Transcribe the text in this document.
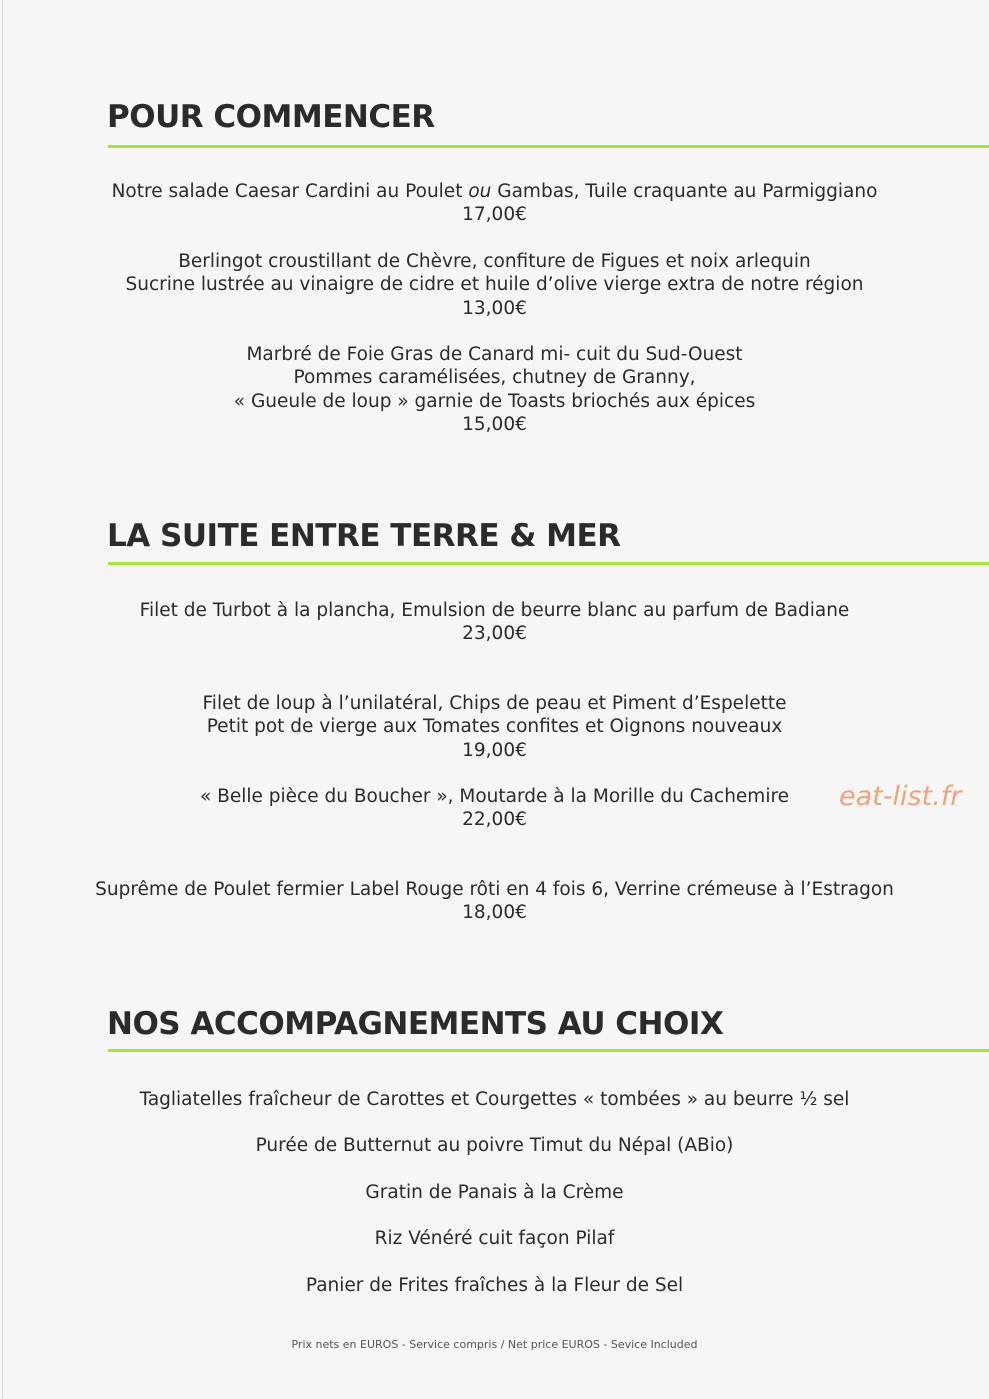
POUR COMMENCER
Notre salade Caesar Cardini au Poulet ou Gambas, Tuile craquante au Parmiggiano
17,00€
Berlingot croustillant de Chèvre, confiture de Figues et noix arlequin
Sucrine lustrée au vinaigre de cidre et huile d’olive vierge extra de notre région
13,00€
Marbré de Foie Gras de Canard mi- cuit du Sud-Ouest
Pommes caramélisées, chutney de Granny,
« Gueule de loup » garnie de Toasts briochés aux épices
15,00€
LA SUITE ENTRE TERRE & MER
Filet de Turbot à la plancha, Emulsion de beurre blanc au parfum de Badiane
23,00€
Filet de loup à l’unilatéral, Chips de peau et Piment d’Espelette
Petit pot de vierge aux Tomates confites et Oignons nouveaux
19,00€
« Belle pièce du Boucher », Moutarde à la Morille du Cachemire
22,00€
Suprême de Poulet fermier Label Rouge rôti en 4 fois 6, Verrine crémeuse à l’Estragon
18,00€
eat-list.fr
NOS ACCOMPAGNEMENTS AU CHOIX
Tagliatelles fraîcheur de Carottes et Courgettes « tombées » au beurre ½ sel
Purée de Butternut au poivre Timut du Népal (ABio)
Gratin de Panais à la Crème
Riz Vénéré cuit façon Pilaf
Panier de Frites fraîches à la Fleur de Sel
Prix nets en EUROS - Service compris / Net price EUROS - Sevice Included
